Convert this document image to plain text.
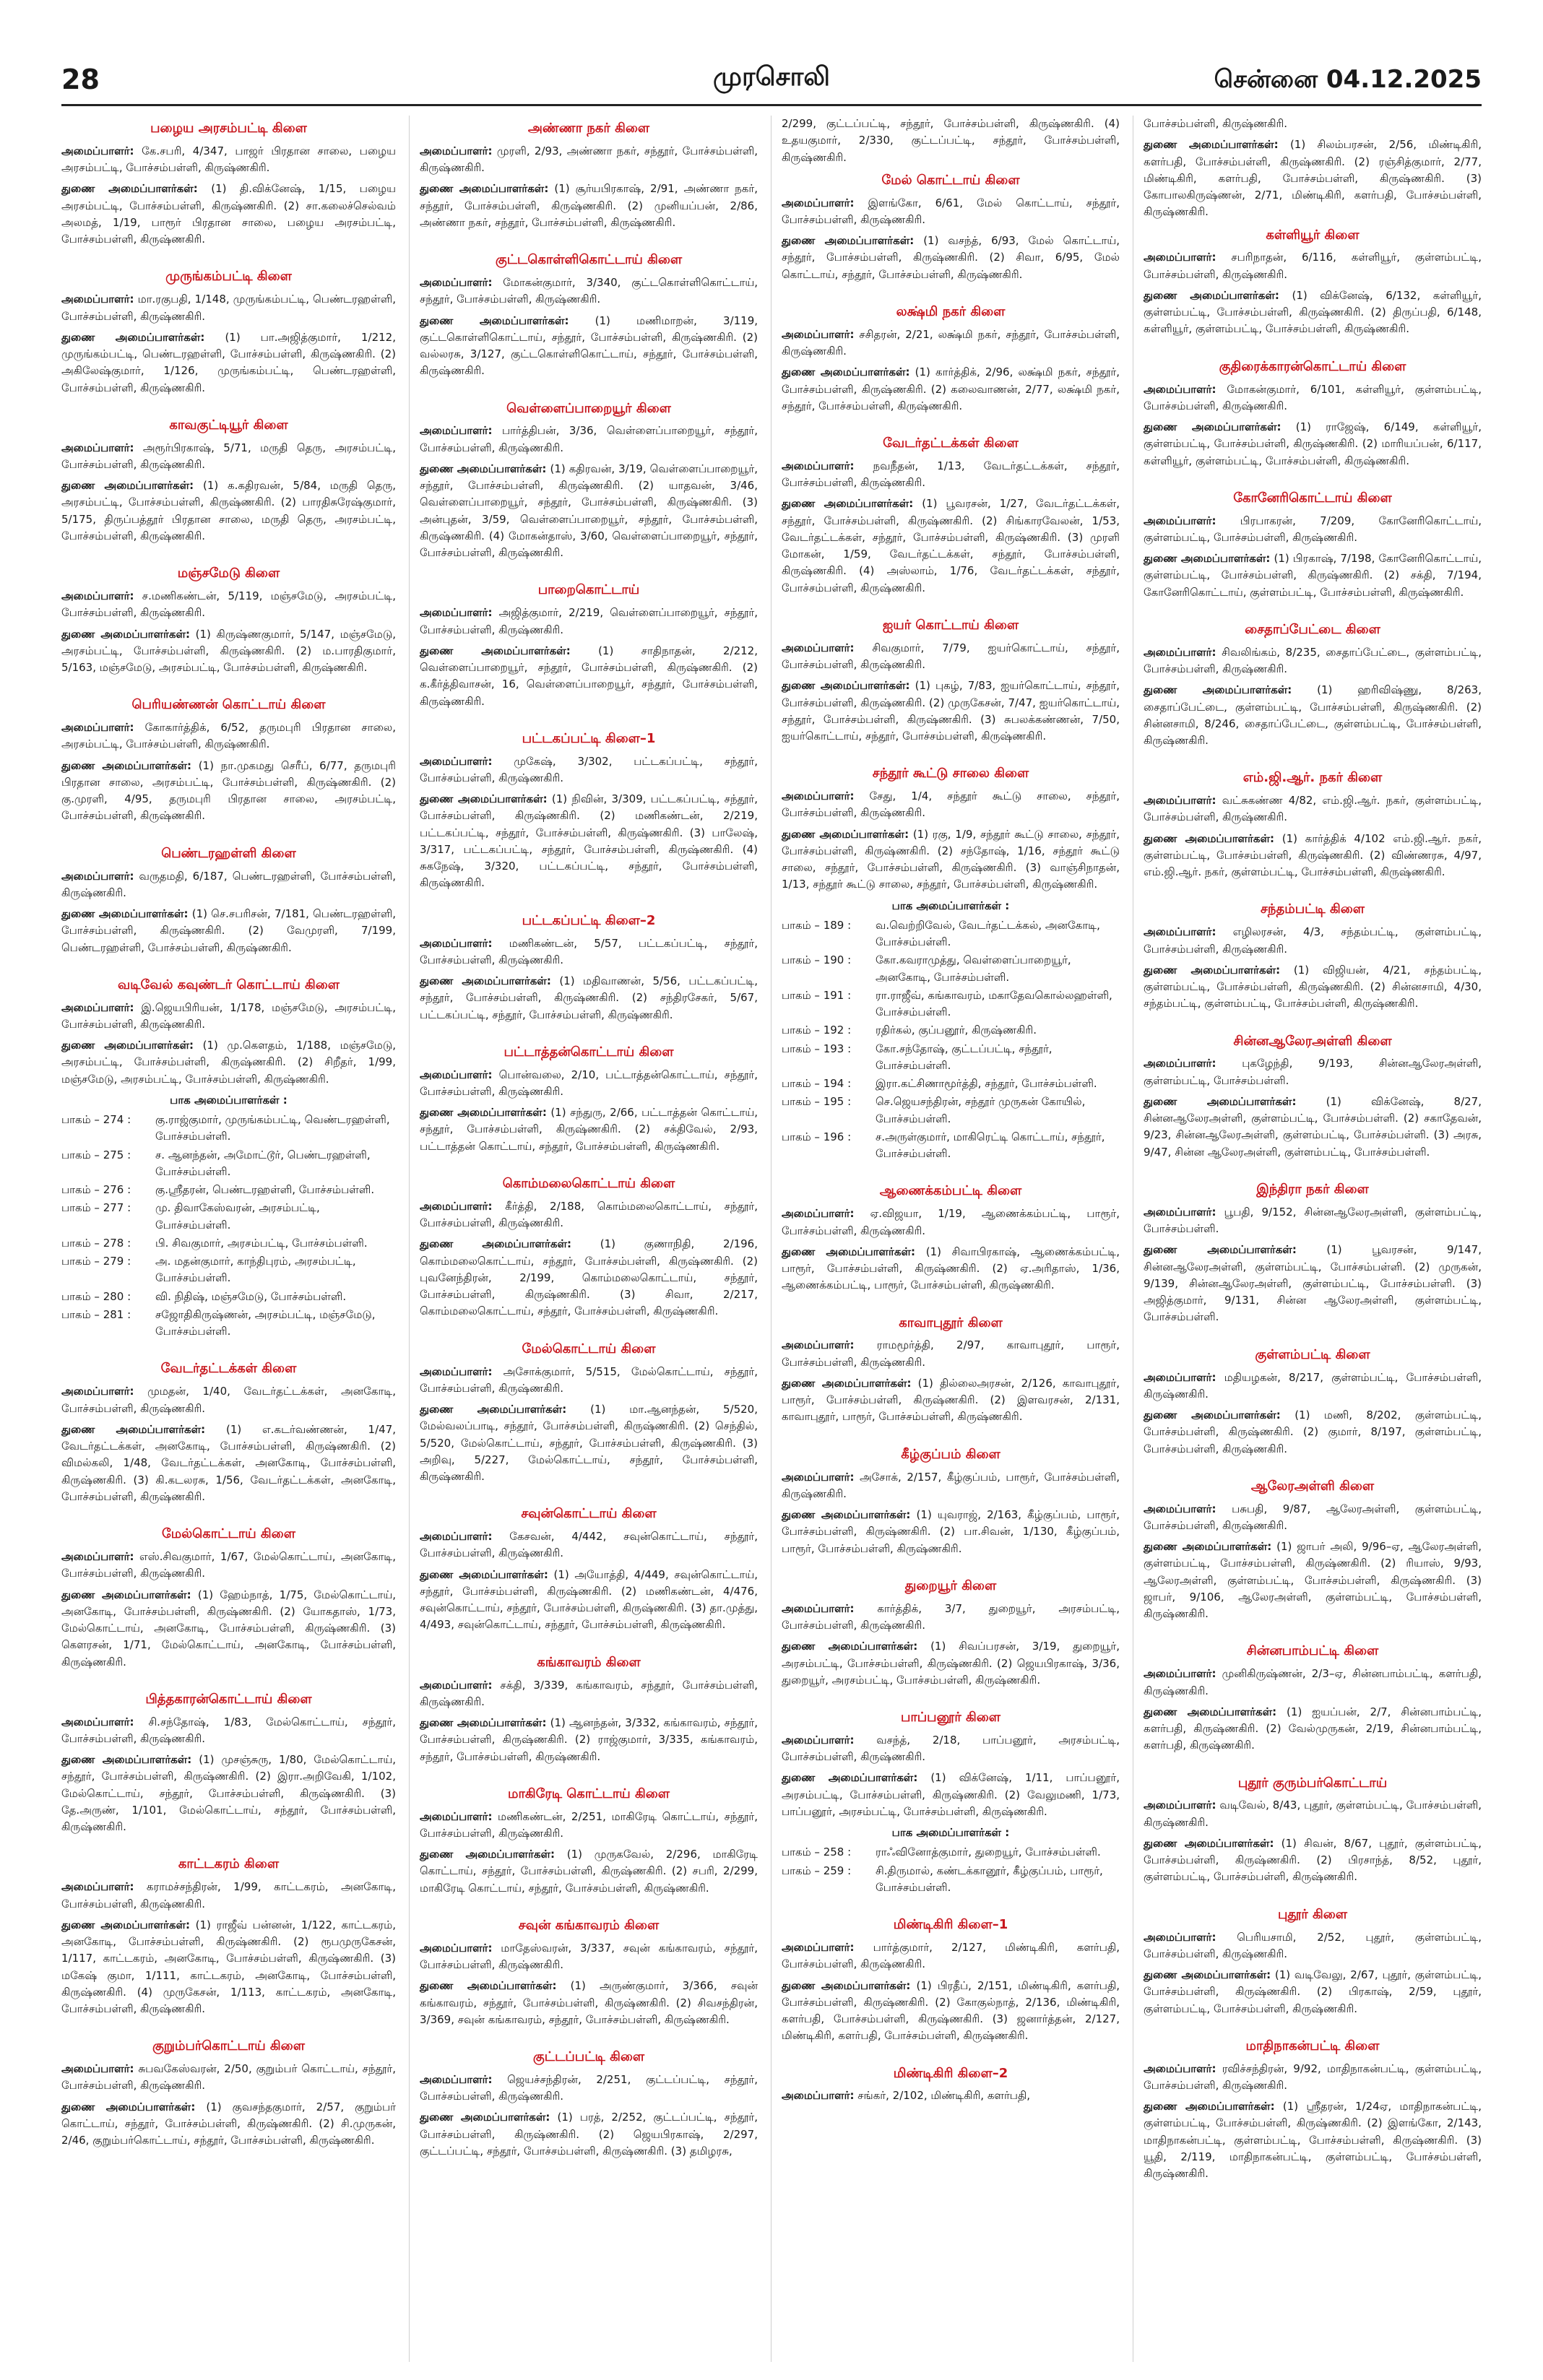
28	முரசொலி	சென்னை 04.12.2025
பழைய அரசம்பட்டி கிளை

அமைப்பாளர்: கே.சபரி, 4/347, பாஜர் பிரதான சாலை, பழைய அரசம்பட்டி, போச்சம்பள்ளி, கிருஷ்ணகிரி.

துணை அமைப்பாளர்கள்: (1) தி.விக்னேஷ், 1/15, பழைய அரசம்பட்டி, போச்சம்பள்ளி, கிருஷ்ணகிரி. (2) சா.கலைச்செல்வம் அலமத், 1/19, பாரூர் பிரதான சாலை, பழைய அரசம்பட்டி, போச்சம்பள்ளி, கிருஷ்ணகிரி.

முருங்கம்பட்டி கிளை

அமைப்பாளர்: மா.ரகுபதி, 1/148, முருங்கம்பட்டி, பெண்டரஹள்ளி, போச்சம்பள்ளி, கிருஷ்ணகிரி.

துணை அமைப்பாளர்கள்: (1) பா.அஜித்குமார், 1/212, முருங்கம்பட்டி, பெண்டரஹள்ளி, போச்சம்பள்ளி, கிருஷ்ணகிரி. (2) அகிலேஷ்குமார், 1/126, முருங்கம்பட்டி, பெண்டரஹள்ளி, போச்சம்பள்ளி, கிருஷ்ணகிரி.

காவகுட்டியூர் கிளை

அமைப்பாளர்: அரூர்பிரகாஷ், 5/71, மருதி தெரு, அரசம்பட்டி, போச்சம்பள்ளி, கிருஷ்ணகிரி.

துணை அமைப்பாளர்கள்: (1) க.கதிரவன், 5/84, மருதி தெரு, அரசம்பட்டி, போச்சம்பள்ளி, கிருஷ்ணகிரி. (2) பாரதிசுரேஷ்குமார், 5/175, திருப்பத்தூர் பிரதான சாலை, மருதி தெரு, அரசம்பட்டி, போச்சம்பள்ளி, கிருஷ்ணகிரி.

மஞ்சமேடு கிளை

அமைப்பாளர்: ச.மணிகண்டன், 5/119, மஞ்சமேடு, அரசம்பட்டி, போச்சம்பள்ளி, கிருஷ்ணகிரி.

துணை அமைப்பாளர்கள்: (1) கிருஷ்ணகுமார், 5/147, மஞ்சமேடு, அரசம்பட்டி, போச்சம்பள்ளி, கிருஷ்ணகிரி. (2) ம.பாரதிகுமார், 5/163, மஞ்சமேடு, அரசம்பட்டி, போச்சம்பள்ளி, கிருஷ்ணகிரி.

பெரியண்ணன் கொட்டாய் கிளை

அமைப்பாளர்: கோகார்த்திக், 6/52, தருமபுரி பிரதான சாலை, அரசம்பட்டி, போச்சம்பள்ளி, கிருஷ்ணகிரி.

துணை அமைப்பாளர்கள்: (1) நா.முகமது செரீப், 6/77, தருமபுரி பிரதான சாலை, அரசம்பட்டி, போச்சம்பள்ளி, கிருஷ்ணகிரி. (2) கு.முரளி, 4/95, தருமபுரி பிரதான சாலை, அரசம்பட்டி, போச்சம்பள்ளி, கிருஷ்ணகிரி.

பெண்டரஹள்ளி கிளை

அமைப்பாளர்: வருதமதி, 6/187, பெண்டரஹள்ளி, போச்சம்பள்ளி, கிருஷ்ணகிரி.

துணை அமைப்பாளர்கள்: (1) செ.சபரிசன், 7/181, பெண்டரஹள்ளி, போச்சம்பள்ளி, கிருஷ்ணகிரி. (2) வேமுரளி, 7/199, பெண்டரஹள்ளி, போச்சம்பள்ளி, கிருஷ்ணகிரி.

வடிவேல் கவுண்டர் கொட்டாய் கிளை

அமைப்பாளர்: இ.ஜெயபிரியன், 1/178, மஞ்சமேடு, அரசம்பட்டி, போச்சம்பள்ளி, கிருஷ்ணகிரி.

துணை அமைப்பாளர்கள்: (1) மு.கௌதம், 1/188, மஞ்சமேடு, அரசம்பட்டி, போச்சம்பள்ளி, கிருஷ்ணகிரி. (2) சிறீதர், 1/99, மஞ்சமேடு, அரசம்பட்டி, போச்சம்பள்ளி, கிருஷ்ணகிரி.

பாக அமைப்பாளர்கள் :
பாகம் – 274 :	கு.ராஜ்குமார், முருங்கம்பட்டி, வெண்டரஹள்ளி, போச்சம்பள்ளி.
பாகம் – 275 :	ச. ஆனந்தன், அமோட்டூர், பெண்டரஹள்ளி, போச்சம்பள்ளி.
பாகம் – 276 :	கு.ஸ்ரீதரன், பெண்டரஹள்ளி, போச்சம்பள்ளி.
பாகம் – 277 :	மு. திவாகேஸ்வரன், அரசம்பட்டி, போச்சம்பள்ளி.
பாகம் – 278 :	பி. சிவகுமார், அரசம்பட்டி, போச்சம்பள்ளி.
பாகம் – 279 :	அ. மதன்குமார், காந்திபுரம், அரசம்பட்டி, போச்சம்பள்ளி.
பாகம் – 280 :	வி. நிதிஷ், மஞ்சமேடு, போச்சம்பள்ளி.
பாகம் – 281 :	சஜோதிகிருஷ்ணன், அரசம்பட்டி, மஞ்சமேடு, போச்சம்பள்ளி.
வேடர்தட்டக்கள் கிளை

அமைப்பாளர்: முமதன், 1/40, வேடர்தட்டக்கள், அனகோடி, போச்சம்பள்ளி, கிருஷ்ணகிரி.

துணை அமைப்பாளர்கள்: (1) எ.கடர்வண்ணன், 1/47, வேடர்தட்டக்கள், அனகோடி, போச்சம்பள்ளி, கிருஷ்ணகிரி. (2) விமல்கலி, 1/48, வேடர்தட்டக்கள், அனகோடி, போச்சம்பள்ளி, கிருஷ்ணகிரி. (3) கி.கடலரசு, 1/56, வேடர்தட்டக்கள், அனகோடி, போச்சம்பள்ளி, கிருஷ்ணகிரி.

மேல்கொட்டாய் கிளை

அமைப்பாளர்: எஸ்.சிவகுமார், 1/67, மேல்கொட்டாய், அனகோடி, போச்சம்பள்ளி, கிருஷ்ணகிரி.

துணை அமைப்பாளர்கள்: (1) ஹேம்நாத், 1/75, மேல்கொட்டாய், அனகோடி, போச்சம்பள்ளி, கிருஷ்ணகிரி. (2) யோகதாஸ், 1/73, மேல்கொட்டாய், அனகோடி, போச்சம்பள்ளி, கிருஷ்ணகிரி. (3) கௌரசன், 1/71, மேல்கொட்டாய், அனகோடி, போச்சம்பள்ளி, கிருஷ்ணகிரி.

பித்தகாரன்கொட்டாய் கிளை

அமைப்பாளர்: சி.சந்தோஷ், 1/83, மேல்கொட்டாய், சந்தூர், போச்சம்பள்ளி, கிருஷ்ணகிரி.

துணை அமைப்பாளர்கள்: (1) முசஞ்சுரு, 1/80, மேல்கொட்டாய், சந்தூர், போச்சம்பள்ளி, கிருஷ்ணகிரி. (2) இரா.அறிவேகி, 1/102, மேல்கொட்டாய், சந்தூர், போச்சம்பள்ளி, கிருஷ்ணகிரி. (3) தே.அருண், 1/101, மேல்கொட்டாய், சந்தூர், போச்சம்பள்ளி, கிருஷ்ணகிரி.

காட்டகரம் கிளை

அமைப்பாளர்: கராமச்சந்திரன், 1/99, காட்டகரம், அனகோடி, போச்சம்பள்ளி, கிருஷ்ணகிரி.

துணை அமைப்பாளர்கள்: (1) ராஜீவ் பன்னன், 1/122, காட்டகரம், அனகோடி, போச்சம்பள்ளி, கிருஷ்ணகிரி. (2) ரூபமுருகேசன், 1/117, காட்டகரம், அனகோடி, போச்சம்பள்ளி, கிருஷ்ணகிரி. (3) மகேஷ் குமா, 1/111, காட்டகரம், அனகோடி, போச்சம்பள்ளி, கிருஷ்ணகிரி. (4) முருகேசன், 1/113, காட்டகரம், அனகோடி, போச்சம்பள்ளி, கிருஷ்ணகிரி.

குறும்பர்கொட்டாய் கிளை

அமைப்பாளர்: சுபவகேஸ்வரன், 2/50, குறும்பர் கொட்டாய், சந்தூர், போச்சம்பள்ளி, கிருஷ்ணகிரி.

துணை அமைப்பாளர்கள்: (1) குவசந்தகுமார், 2/57, குறும்பர் கொட்டாய், சந்தூர், போச்சம்பள்ளி, கிருஷ்ணகிரி. (2) சி.முருகன், 2/46, குறும்பர்கொட்டாய், சந்தூர், போச்சம்பள்ளி, கிருஷ்ணகிரி.

அண்ணா நகர் கிளை

அமைப்பாளர்: முரளி, 2/93, அண்ணா நகர், சந்தூர், போச்சம்பள்ளி, கிருஷ்ணகிரி.

துணை அமைப்பாளர்கள்: (1) சூர்யபிரகாஷ், 2/91, அண்ணா நகர், சந்தூர், போச்சம்பள்ளி, கிருஷ்ணகிரி. (2) முனியப்பன், 2/86, அண்ணா நகர், சந்தூர், போச்சம்பள்ளி, கிருஷ்ணகிரி.

குட்டகொள்ளிகொட்டாய் கிளை

அமைப்பாளர்: மோகன்குமார், 3/340, குட்டகொள்ளிகொட்டாய், சந்தூர், போச்சம்பள்ளி, கிருஷ்ணகிரி.

துணை அமைப்பாளர்கள்: (1) மணிமாறன், 3/119, குட்டகொள்ளிகொட்டாய், சந்தூர், போச்சம்பள்ளி, கிருஷ்ணகிரி. (2) வல்லரசு, 3/127, குட்டகொள்ளிகொட்டாய், சந்தூர், போச்சம்பள்ளி, கிருஷ்ணகிரி.

வெள்ளைப்பாறையூர் கிளை

அமைப்பாளர்: பார்த்திபன், 3/36, வெள்ளைப்பாறையூர், சந்தூர், போச்சம்பள்ளி, கிருஷ்ணகிரி.

துணை அமைப்பாளர்கள்: (1) கதிரவன், 3/19, வெள்ளைப்பாறையூர், சந்தூர், போச்சம்பள்ளி, கிருஷ்ணகிரி. (2) யாதவன், 3/46, வெள்ளைப்பாறையூர், சந்தூர், போச்சம்பள்ளி, கிருஷ்ணகிரி. (3) அன்புதன், 3/59, வெள்ளைப்பாறையூர், சந்தூர், போச்சம்பள்ளி, கிருஷ்ணகிரி. (4) மோகன்தாஸ், 3/60, வெள்ளைப்பாறையூர், சந்தூர், போச்சம்பள்ளி, கிருஷ்ணகிரி.

பாறைகொட்டாய்

அமைப்பாளர்: அஜித்குமார், 2/219, வெள்ளைப்பாறையூர், சந்தூர், போச்சம்பள்ளி, கிருஷ்ணகிரி.

துணை அமைப்பாளர்கள்:	(1) சாதிநாதன், 2/212, வெள்ளைப்பாறையூர், சந்தூர், போச்சம்பள்ளி, கிருஷ்ணகிரி. (2) க.கீர்த்திவாசன், 16, வெள்ளைப்பாறையூர், சந்தூர், போச்சம்பள்ளி, கிருஷ்ணகிரி.

பட்டகப்பட்டி கிளை–1

அமைப்பாளர்: முகேஷ், 3/302, பட்டகப்பட்டி, சந்தூர், போச்சம்பள்ளி, கிருஷ்ணகிரி.

துணை அமைப்பாளர்கள்: (1) நிவின், 3/309, பட்டகப்பட்டி, சந்தூர், போச்சம்பள்ளி, கிருஷ்ணகிரி. (2) மணிகண்டன், 2/219, பட்டகப்பட்டி, சந்தூர், போச்சம்பள்ளி, கிருஷ்ணகிரி. (3) பாலேஷ், 3/317, பட்டகப்பட்டி, சந்தூர், போச்சம்பள்ளி, கிருஷ்ணகிரி. (4) சுகநேஷ், 3/320, பட்டகப்பட்டி, சந்தூர், போச்சம்பள்ளி, கிருஷ்ணகிரி.

பட்டகப்பட்டி கிளை–2

அமைப்பாளர்: மணிகண்டன், 5/57, பட்டகப்பட்டி, சந்தூர், போச்சம்பள்ளி, கிருஷ்ணகிரி.

துணை அமைப்பாளர்கள்: (1) மதிவாணன், 5/56, பட்டகப்பட்டி, சந்தூர், போச்சம்பள்ளி, கிருஷ்ணகிரி. (2) சந்திரசேகர், 5/67, பட்டகப்பட்டி, சந்தூர், போச்சம்பள்ளி, கிருஷ்ணகிரி.

பட்டாத்தன்கொட்டாய் கிளை

அமைப்பாளர்: பொன்வலை, 2/10, பட்டாத்தன்கொட்டாய், சந்தூர், போச்சம்பள்ளி, கிருஷ்ணகிரி.

துணை அமைப்பாளர்கள்: (1) சந்துரு, 2/66, பட்டாத்தன் கொட்டாய், சந்தூர், போச்சம்பள்ளி, கிருஷ்ணகிரி. (2) சக்திவேல், 2/93, பட்டாத்தன் கொட்டாய், சந்தூர், போச்சம்பள்ளி, கிருஷ்ணகிரி.

கொம்மலைகொட்டாய் கிளை

அமைப்பாளர்: கீர்த்தி, 2/188, கொம்மலைகொட்டாய், சந்தூர், போச்சம்பள்ளி, கிருஷ்ணகிரி.

துணை அமைப்பாளர்கள்:	(1) குணாநிதி, 2/196, கொம்மலைகொட்டாய், சந்தூர், போச்சம்பள்ளி, கிருஷ்ணகிரி. (2) புவனேந்திரன், 2/199, கொம்மலைகொட்டாய், சந்தூர், போச்சம்பள்ளி, கிருஷ்ணகிரி. (3) சிவா, 2/217, கொம்மலைகொட்டாய், சந்தூர், போச்சம்பள்ளி, கிருஷ்ணகிரி.

மேல்கொட்டாய் கிளை

அமைப்பாளர்: அசோக்குமார், 5/515, மேல்கொட்டாய், சந்தூர், போச்சம்பள்ளி, கிருஷ்ணகிரி.

துணை அமைப்பாளர்கள்: (1) மா.ஆனந்தன், 5/520, மேல்வலப்பாடி, சந்தூர், போச்சம்பள்ளி, கிருஷ்ணகிரி. (2) செந்தில், 5/520, மேல்கொட்டாய், சந்தூர், போச்சம்பள்ளி, கிருஷ்ணகிரி. (3) அறிவு, 5/227, மேல்கொட்டாய், சந்தூர், போச்சம்பள்ளி, கிருஷ்ணகிரி.

சவுன்கொட்டாய் கிளை

அமைப்பாளர்: கேசவன், 4/442, சவுன்கொட்டாய், சந்தூர், போச்சம்பள்ளி, கிருஷ்ணகிரி.

துணை அமைப்பாளர்கள்: (1) அயோத்தி, 4/449, சவுன்கொட்டாய், சந்தூர், போச்சம்பள்ளி, கிருஷ்ணகிரி. (2) மணிகண்டன், 4/476, சவுன்கொட்டாய், சந்தூர், போச்சம்பள்ளி, கிருஷ்ணகிரி. (3) தா.முத்து, 4/493, சவுன்கொட்டாய், சந்தூர், போச்சம்பள்ளி, கிருஷ்ணகிரி.

கங்காவரம் கிளை

அமைப்பாளர்: சக்தி, 3/339, கங்காவரம், சந்தூர், போச்சம்பள்ளி, கிருஷ்ணகிரி.

துணை அமைப்பாளர்கள்: (1) ஆனந்தன், 3/332, கங்காவரம், சந்தூர், போச்சம்பள்ளி, கிருஷ்ணகிரி. (2) ராஜ்குமார், 3/335, கங்காவரம், சந்தூர், போச்சம்பள்ளி, கிருஷ்ணகிரி.

மாகிரேடி கொட்டாய் கிளை

அமைப்பாளர்: மணிகண்டன், 2/251, மாகிரேடி கொட்டாய், சந்தூர், போச்சம்பள்ளி, கிருஷ்ணகிரி.

துணை அமைப்பாளர்கள்: (1) முருகவேல், 2/296, மாகிரேடி கொட்டாய், சந்தூர், போச்சம்பள்ளி, கிருஷ்ணகிரி. (2) சபரி, 2/299, மாகிரேடி கொட்டாய், சந்தூர், போச்சம்பள்ளி, கிருஷ்ணகிரி.

சவுன் கங்காவரம் கிளை

அமைப்பாளர்: மாதேஸ்வரன், 3/337, சவுன் கங்காவரம், சந்தூர், போச்சம்பள்ளி, கிருஷ்ணகிரி.

துணை அமைப்பாளர்கள்: (1) அருண்குமார், 3/366, சவுன் கங்காவரம், சந்தூர், போச்சம்பள்ளி, கிருஷ்ணகிரி. (2) சிவசந்திரன், 3/369, சவுன் கங்காவரம், சந்தூர், போச்சம்பள்ளி, கிருஷ்ணகிரி.

குட்டப்பட்டி கிளை

அமைப்பாளர்: ஜெயச்சந்திரன், 2/251, குட்டப்பட்டி, சந்தூர், போச்சம்பள்ளி, கிருஷ்ணகிரி.

துணை அமைப்பாளர்கள்: (1) பரத், 2/252, குட்டப்பட்டி, சந்தூர், போச்சம்பள்ளி, கிருஷ்ணகிரி. (2) ஜெயபிரகாஷ், 2/297, குட்டப்பட்டி, சந்தூர், போச்சம்பள்ளி, கிருஷ்ணகிரி. (3) தமிழரசு,

2/299, குட்டப்பட்டி, சந்தூர், போச்சம்பள்ளி, கிருஷ்ணகிரி. (4) உதயகுமார், 2/330, குட்டப்பட்டி, சந்தூர், போச்சம்பள்ளி, கிருஷ்ணகிரி.

மேல் கொட்டாய் கிளை

அமைப்பாளர்: இளங்கோ, 6/61, மேல் கொட்டாய், சந்தூர், போச்சம்பள்ளி, கிருஷ்ணகிரி.

துணை அமைப்பாளர்கள்: (1) வசந்த், 6/93, மேல் கொட்டாய், சந்தூர், போச்சம்பள்ளி, கிருஷ்ணகிரி. (2) சிவா, 6/95, மேல் கொட்டாய், சந்தூர், போச்சம்பள்ளி, கிருஷ்ணகிரி.

லக்ஷ்மி நகர் கிளை

அமைப்பாளர்: சசிதரன், 2/21, லக்ஷ்மி நகர், சந்தூர், போச்சம்பள்ளி, கிருஷ்ணகிரி.

துணை அமைப்பாளர்கள்: (1) கார்த்திக், 2/96, லக்ஷ்மி நகர், சந்தூர், போச்சம்பள்ளி, கிருஷ்ணகிரி. (2) கலைவாணன், 2/77, லக்ஷ்மி நகர், சந்தூர், போச்சம்பள்ளி, கிருஷ்ணகிரி.

வேடர்தட்டக்கள் கிளை

அமைப்பாளர்: நவநீதன், 1/13, வேடர்தட்டக்கள், சந்தூர், போச்சம்பள்ளி, கிருஷ்ணகிரி.

துணை அமைப்பாளர்கள்: (1) பூவரசன், 1/27, வேடர்தட்டக்கள், சந்தூர், போச்சம்பள்ளி, கிருஷ்ணகிரி. (2) சிங்காரவேலன், 1/53, வேடர்தட்டக்கள், சந்தூர், போச்சம்பள்ளி, கிருஷ்ணகிரி. (3) முரளி மோகன், 1/59, வேடர்தட்டக்கள், சந்தூர், போச்சம்பள்ளி, கிருஷ்ணகிரி. (4) அஸ்லாம், 1/76, வேடர்தட்டக்கள், சந்தூர், போச்சம்பள்ளி, கிருஷ்ணகிரி.

ஐயர் கொட்டாய் கிளை

அமைப்பாளர்: சிவகுமார், 7/79, ஐயர்கொட்டாய், சந்தூர், போச்சம்பள்ளி, கிருஷ்ணகிரி.

துணை அமைப்பாளர்கள்: (1) புகழ், 7/83, ஐயர்கொட்டாய், சந்தூர், போச்சம்பள்ளி, கிருஷ்ணகிரி. (2) முருகேசன், 7/47, ஐயர்கொட்டாய், சந்தூர், போச்சம்பள்ளி, கிருஷ்ணகிரி. (3) சுபலக்கண்ணன், 7/50, ஐயர்கொட்டாய், சந்தூர், போச்சம்பள்ளி, கிருஷ்ணகிரி.

சந்தூர் கூட்டு சாலை கிளை

அமைப்பாளர்: சேது, 1/4, சந்தூர் கூட்டு சாலை, சந்தூர், போச்சம்பள்ளி, கிருஷ்ணகிரி.

துணை அமைப்பாளர்கள்: (1) ரகு, 1/9, சந்தூர் கூட்டு சாலை, சந்தூர், போச்சம்பள்ளி, கிருஷ்ணகிரி. (2) சந்தோஷ், 1/16, சந்தூர் கூட்டு சாலை, சந்தூர், போச்சம்பள்ளி, கிருஷ்ணகிரி. (3) வாஞ்சிநாதன், 1/13, சந்தூர் கூட்டு சாலை, சந்தூர், போச்சம்பள்ளி, கிருஷ்ணகிரி.

பாக அமைப்பாளர்கள் :
பாகம் – 189 :	வ.வெற்றிவேல், வேடர்தட்டக்கல், அனகோடி, போச்சம்பள்ளி.
பாகம் – 190 :	கோ.கவராமுத்து, வெள்ளைப்பாறையூர், அனகோடி, போச்சம்பள்ளி.
பாகம் – 191 :	ரா.ராஜீவ், கங்காவரம், மகாதேவகொல்லஹள்ளி, போச்சம்பள்ளி.
பாகம் – 192 :	ரதிர்கல், குப்பனூர், கிருஷ்ணகிரி.
பாகம் – 193 :	கோ.சந்தோஷ், குட்டப்பட்டி, சந்தூர், போச்சம்பள்ளி.
பாகம் – 194 :	இரா.கட்சிணாமூர்த்தி, சந்தூர், போச்சம்பள்ளி.
பாகம் – 195 :	செ.ஜெயசந்திரன், சந்தூர் முருகன் கோயில், போச்சம்பள்ளி.
பாகம் – 196 :	ச.அருள்குமார், மாகிரெட்டி கொட்டாய், சந்தூர், போச்சம்பள்ளி.
ஆணைக்கம்பட்டி கிளை

அமைப்பாளர்: ஏ.விஜயா, 1/19, ஆணைக்கம்பட்டி, பாரூர், போச்சம்பள்ளி, கிருஷ்ணகிரி.

துணை அமைப்பாளர்கள்: (1) சிவாபிரகாஷ், ஆணைக்கம்பட்டி, பாரூர், போச்சம்பள்ளி, கிருஷ்ணகிரி. (2) ஏ.அரிதாஸ், 1/36, ஆணைக்கம்பட்டி, பாரூர், போச்சம்பள்ளி, கிருஷ்ணகிரி.

காவாபுதூர் கிளை

அமைப்பாளர்: ராமமூர்த்தி, 2/97, காவாபுதூர், பாரூர், போச்சம்பள்ளி, கிருஷ்ணகிரி.

துணை அமைப்பாளர்கள்: (1) தில்லைஅரசன், 2/126, காவாபுதூர், பாரூர், போச்சம்பள்ளி, கிருஷ்ணகிரி. (2) இளவரசன், 2/131, காவாபுதூர், பாரூர், போச்சம்பள்ளி, கிருஷ்ணகிரி.

கீழ்குப்பம் கிளை

அமைப்பாளர்: அசோக், 2/157, கீழ்குப்பம், பாரூர், போச்சம்பள்ளி, கிருஷ்ணகிரி.

துணை அமைப்பாளர்கள்: (1) யுவராஜ், 2/163, கீழ்குப்பம், பாரூர், போச்சம்பள்ளி, கிருஷ்ணகிரி. (2) பா.சிவன், 1/130, கீழ்குப்பம், பாரூர், போச்சம்பள்ளி, கிருஷ்ணகிரி.

துறையூர் கிளை

அமைப்பாளர்: கார்த்திக், 3/7, துறையூர், அரசம்பட்டி, போச்சம்பள்ளி, கிருஷ்ணகிரி.

துணை அமைப்பாளர்கள்: (1) சிவப்பரசன், 3/19, துறையூர், அரசம்பட்டி, போச்சம்பள்ளி, கிருஷ்ணகிரி. (2) ஜெயபிரகாஷ், 3/36, துறையூர், அரசம்பட்டி, போச்சம்பள்ளி, கிருஷ்ணகிரி.

பாப்பனூர் கிளை

அமைப்பாளர்: வசந்த், 2/18, பாப்பனூர், அரசம்பட்டி, போச்சம்பள்ளி, கிருஷ்ணகிரி.

துணை அமைப்பாளர்கள்: (1) விக்னேஷ், 1/11, பாப்பனூர், அரசம்பட்டி, போச்சம்பள்ளி, கிருஷ்ணகிரி. (2) வேலுமணி, 1/73, பாப்பனூர், அரசம்பட்டி, போச்சம்பள்ளி, கிருஷ்ணகிரி.

பாக அமைப்பாளர்கள் :
பாகம் – 258 :	ராஃவினோத்குமார், துறையூர், போச்சம்பள்ளி.
பாகம் – 259 :	சி.திருமால், கண்டக்கானூர், கீழ்குப்பம், பாரூர், போச்சம்பள்ளி.
மிண்டிகிரி கிளை–1

அமைப்பாளர்: பார்த்குமார், 2/127, மிண்டிகிரி, களர்பதி, போச்சம்பள்ளி, கிருஷ்ணகிரி.

துணை அமைப்பாளர்கள்: (1) பிரதீப், 2/151, மிண்டிகிரி, களர்பதி, போச்சம்பள்ளி, கிருஷ்ணகிரி. (2) கோகுல்நாத், 2/136, மிண்டிகிரி, களர்பதி, போச்சம்பள்ளி, கிருஷ்ணகிரி. (3) ஜனார்த்தன், 2/127, மிண்டிகிரி, களர்பதி, போச்சம்பள்ளி, கிருஷ்ணகிரி.

மிண்டிகிரி கிளை–2

அமைப்பாளர்: சங்கர், 2/102, மிண்டிகிரி, களர்பதி,

போச்சம்பள்ளி, கிருஷ்ணகிரி.

துணை அமைப்பாளர்கள்: (1) சிலம்பரசன், 2/56, மிண்டிகிரி, களர்பதி, போச்சம்பள்ளி, கிருஷ்ணகிரி. (2) ரஞ்சித்குமார், 2/77, மிண்டிகிரி, களர்பதி, போச்சம்பள்ளி, கிருஷ்ணகிரி. (3) கோபாலகிருஷ்ணன், 2/71, மிண்டிகிரி, களர்பதி, போச்சம்பள்ளி, கிருஷ்ணகிரி.

கள்ளியூர் கிளை

அமைப்பாளர்: சபரிநாதன், 6/116, கள்ளியூர், குள்ளம்பட்டி, போச்சம்பள்ளி, கிருஷ்ணகிரி.

துணை அமைப்பாளர்கள்: (1) விக்னேஷ், 6/132, கள்ளியூர், குள்ளம்பட்டி, போச்சம்பள்ளி, கிருஷ்ணகிரி. (2) திருப்பதி, 6/148, கள்ளியூர், குள்ளம்பட்டி, போச்சம்பள்ளி, கிருஷ்ணகிரி.

குதிரைக்காரன்கொட்டாய் கிளை

அமைப்பாளர்: மோகன்குமார், 6/101, கள்ளியூர், குள்ளம்பட்டி, போச்சம்பள்ளி, கிருஷ்ணகிரி.

துணை அமைப்பாளர்கள்: (1) ராஜேஷ், 6/149, கள்ளியூர், குள்ளம்பட்டி, போச்சம்பள்ளி, கிருஷ்ணகிரி. (2) மாரியப்பன், 6/117, கள்ளியூர், குள்ளம்பட்டி, போச்சம்பள்ளி, கிருஷ்ணகிரி.

கோனேரிகொட்டாய் கிளை

அமைப்பாளர்: பிரபாகரன், 7/209, கோனேரிகொட்டாய், குள்ளம்பட்டி, போச்சம்பள்ளி, கிருஷ்ணகிரி.

துணை அமைப்பாளர்கள்: (1) பிரகாஷ், 7/198, கோனேரிகொட்டாய், குள்ளம்பட்டி, போச்சம்பள்ளி, கிருஷ்ணகிரி. (2) சக்தி, 7/194, கோனேரிகொட்டாய், குள்ளம்பட்டி, போச்சம்பள்ளி, கிருஷ்ணகிரி.

சைதாப்பேட்டை கிளை

அமைப்பாளர்: சிவலிங்கம், 8/235, சைதாப்பேட்டை, குள்ளம்பட்டி, போச்சம்பள்ளி, கிருஷ்ணகிரி.

துணை அமைப்பாளர்கள்: (1) ஹரிவிஷ்ணு, 8/263, சைதாப்பேட்டை, குள்ளம்பட்டி, போச்சம்பள்ளி, கிருஷ்ணகிரி. (2) சின்னசாமி, 8/246, சைதாப்பேட்டை, குள்ளம்பட்டி, போச்சம்பள்ளி, கிருஷ்ணகிரி.

எம்.ஜி.ஆர். நகர் கிளை

அமைப்பாளர்: வட்சுகண்ண 4/82, எம்.ஜி.ஆர். நகர், குள்ளம்பட்டி, போச்சம்பள்ளி, கிருஷ்ணகிரி.

துணை அமைப்பாளர்கள்: (1) கார்த்திக் 4/102 எம்.ஜி.ஆர். நகர், குள்ளம்பட்டி, போச்சம்பள்ளி, கிருஷ்ணகிரி. (2) விண்ணரசு, 4/97, எம்.ஜி.ஆர். நகர், குள்ளம்பட்டி, போச்சம்பள்ளி, கிருஷ்ணகிரி.

சந்தம்பட்டி கிளை

அமைப்பாளர்: எழிலரசன், 4/3, சந்தம்பட்டி, குள்ளம்பட்டி, போச்சம்பள்ளி, கிருஷ்ணகிரி.

துணை அமைப்பாளர்கள்: (1) விஜியன், 4/21, சந்தம்பட்டி, குள்ளம்பட்டி, போச்சம்பள்ளி, கிருஷ்ணகிரி. (2) சின்னசாமி, 4/30, சந்தம்பட்டி, குள்ளம்பட்டி, போச்சம்பள்ளி, கிருஷ்ணகிரி.

சின்னஆலேரஅள்ளி கிளை

அமைப்பாளர்: புகழேந்தி, 9/193, சின்னஆலேரஅள்ளி, குள்ளம்பட்டி, போச்சம்பள்ளி.

துணை அமைப்பாளர்கள்:	(1) விக்னேஷ், 8/27, சின்னஆலேரஅள்ளி, குள்ளம்பட்டி, போச்சம்பள்ளி. (2) சகாதேவன், 9/23, சின்னஆலேரஅள்ளி, குள்ளம்பட்டி, போச்சம்பள்ளி. (3) அரசு, 9/47, சின்ன ஆலேரஅள்ளி, குள்ளம்பட்டி, போச்சம்பள்ளி.

இந்திரா நகர் கிளை

அமைப்பாளர்: பூபதி, 9/152, சின்னஆலேரஅள்ளி, குள்ளம்பட்டி, போச்சம்பள்ளி.

துணை அமைப்பாளர்கள்:	(1) பூவரசன், 9/147, சின்னஆலேரஅள்ளி, குள்ளம்பட்டி, போச்சம்பள்ளி. (2) முருகன், 9/139, சின்னஆலேரஅள்ளி, குள்ளம்பட்டி, போச்சம்பள்ளி. (3) அஜித்குமார், 9/131, சின்ன ஆலேரஅள்ளி, குள்ளம்பட்டி, போச்சம்பள்ளி.

குள்ளம்பட்டி கிளை

அமைப்பாளர்: மதியழகன், 8/217, குள்ளம்பட்டி, போச்சம்பள்ளி, கிருஷ்ணகிரி.

துணை அமைப்பாளர்கள்: (1) மணி, 8/202, குள்ளம்பட்டி, போச்சம்பள்ளி, கிருஷ்ணகிரி. (2) குமார், 8/197, குள்ளம்பட்டி, போச்சம்பள்ளி, கிருஷ்ணகிரி.

ஆலேரஅள்ளி கிளை

அமைப்பாளர்: பசுபதி, 9/87, ஆலேரஅள்ளி, குள்ளம்பட்டி, போச்சம்பள்ளி, கிருஷ்ணகிரி.

துணை அமைப்பாளர்கள்: (1) ஜாபர் அலி, 9/96–ஏ, ஆலேரஅள்ளி, குள்ளம்பட்டி, போச்சம்பள்ளி, கிருஷ்ணகிரி. (2) ரியாஸ், 9/93, ஆலேரஅள்ளி, குள்ளம்பட்டி, போச்சம்பள்ளி, கிருஷ்ணகிரி. (3) ஜாபர், 9/106, ஆலேரஅள்ளி, குள்ளம்பட்டி, போச்சம்பள்ளி, கிருஷ்ணகிரி.

சின்னபாம்பட்டி கிளை

அமைப்பாளர்: முனிகிருஷ்ணன், 2/3–ஏ, சின்னபாம்பட்டி, களர்பதி, கிருஷ்ணகிரி.

துணை அமைப்பாளர்கள்: (1) ஐயப்பன், 2/7, சின்னபாம்பட்டி, களர்பதி, கிருஷ்ணகிரி. (2) வேல்முருகன், 2/19, சின்னபாம்பட்டி, களர்பதி, கிருஷ்ணகிரி.

புதூர் குரும்பர்கொட்டாய்

அமைப்பாளர்: வடிவேல், 8/43, புதூர், குள்ளம்பட்டி, போச்சம்பள்ளி, கிருஷ்ணகிரி.

துணை அமைப்பாளர்கள்: (1) சிவன், 8/67, புதூர், குள்ளம்பட்டி, போச்சம்பள்ளி, கிருஷ்ணகிரி. (2) பிரசாந்த், 8/52, புதூர், குள்ளம்பட்டி, போச்சம்பள்ளி, கிருஷ்ணகிரி.

புதூர் கிளை

அமைப்பாளர்: பெரியசாமி, 2/52, புதூர், குள்ளம்பட்டி, போச்சம்பள்ளி, கிருஷ்ணகிரி.

துணை அமைப்பாளர்கள்: (1) வடிவேலு, 2/67, புதூர், குள்ளம்பட்டி, போச்சம்பள்ளி, கிருஷ்ணகிரி. (2) பிரகாஷ், 2/59, புதூர், குள்ளம்பட்டி, போச்சம்பள்ளி, கிருஷ்ணகிரி.

மாதிநாகன்பட்டி கிளை

அமைப்பாளர்: ரவிச்சந்திரன், 9/92, மாதிநாகன்பட்டி, குள்ளம்பட்டி, போச்சம்பள்ளி, கிருஷ்ணகிரி.

துணை அமைப்பாளர்கள்: (1) ஸ்ரீதரன், 1/24ஏ, மாதிநாகன்பட்டி, குள்ளம்பட்டி, போச்சம்பள்ளி, கிருஷ்ணகிரி. (2) இளங்கோ, 2/143, மாதிநாகன்பட்டி, குள்ளம்பட்டி, போச்சம்பள்ளி, கிருஷ்ணகிரி. (3) யூதி, 2/119, மாதிநாகன்பட்டி, குள்ளம்பட்டி, போச்சம்பள்ளி, கிருஷ்ணகிரி.
